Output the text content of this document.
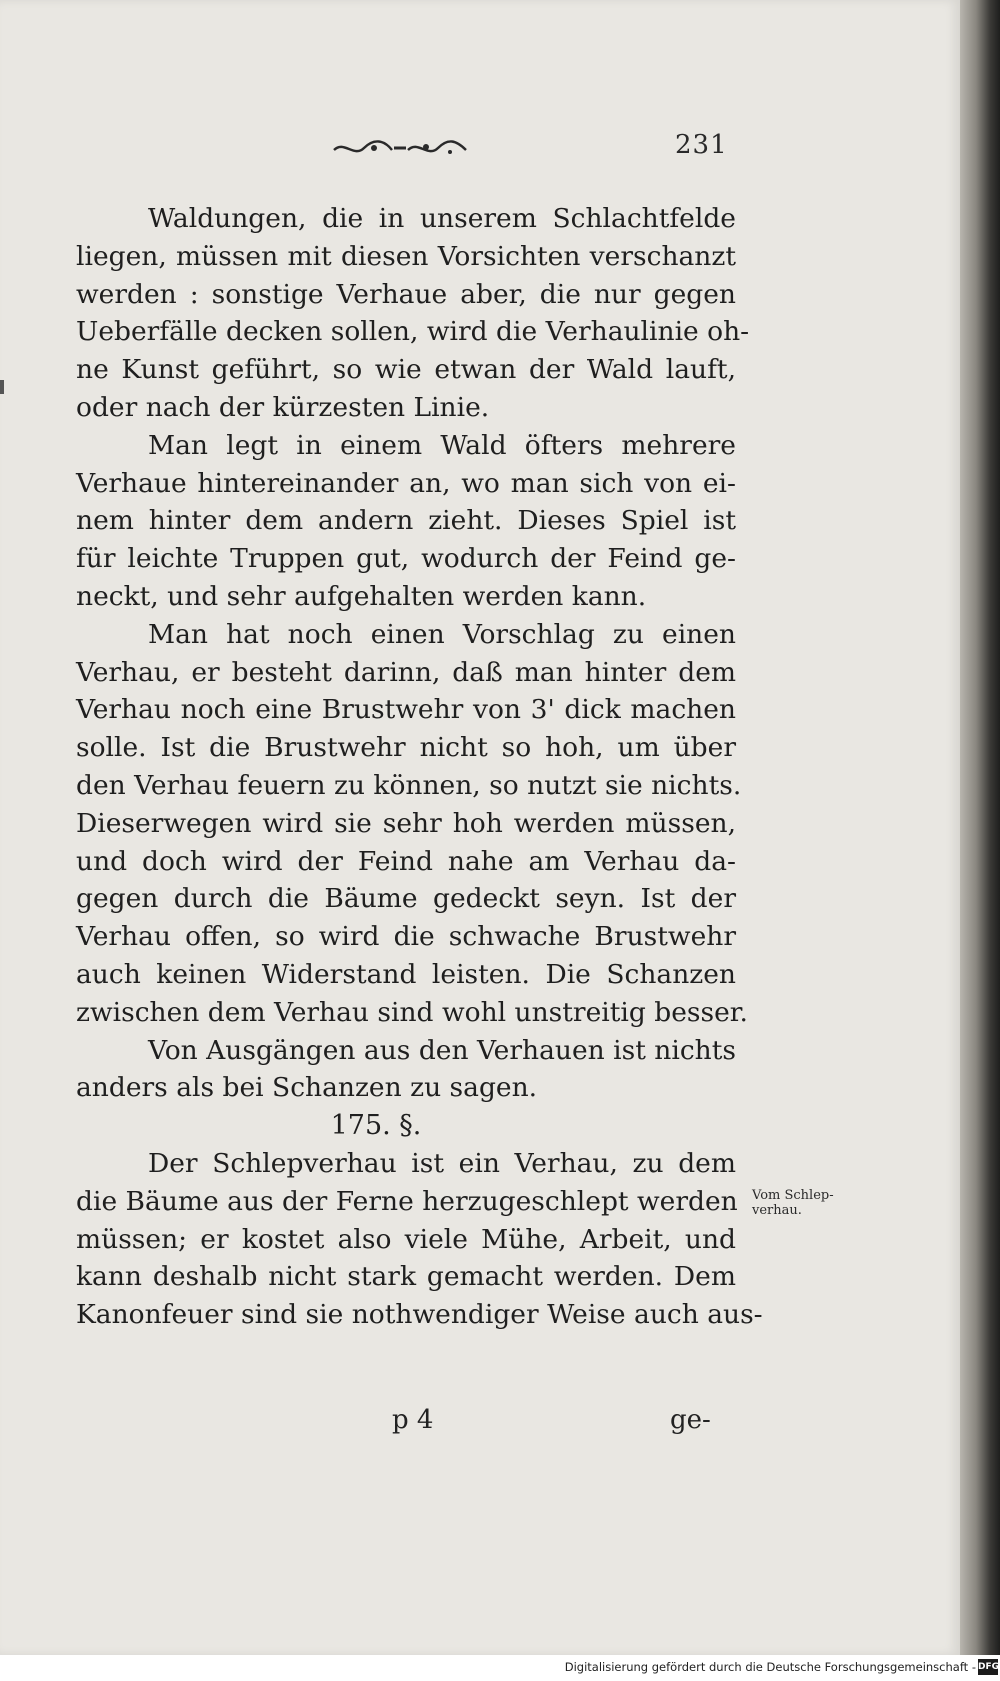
231
Waldungen, die in unserem Schlachtfelde
liegen, müssen mit diesen Vorsichten verschanzt
werden : sonstige Verhaue aber, die nur gegen
Ueberfälle decken sollen, wird die Verhaulinie oh-
ne Kunst geführt, so wie etwan der Wald lauft,
oder nach der kürzesten Linie.
Man legt in einem Wald öfters mehrere
Verhaue hintereinander an, wo man sich von ei-
nem hinter dem andern zieht. Dieses Spiel ist
für leichte Truppen gut, wodurch der Feind ge-
neckt, und sehr aufgehalten werden kann.
Man hat noch einen Vorschlag zu einen
Verhau, er besteht darinn, daß man hinter dem
Verhau noch eine Brustwehr von 3' dick machen
solle. Ist die Brustwehr nicht so hoh, um über
den Verhau feuern zu können, so nutzt sie nichts.
Dieserwegen wird sie sehr hoh werden müssen,
und doch wird der Feind nahe am Verhau da-
gegen durch die Bäume gedeckt seyn. Ist der
Verhau offen, so wird die schwache Brustwehr
auch keinen Widerstand leisten. Die Schanzen
zwischen dem Verhau sind wohl unstreitig besser.
Von Ausgängen aus den Verhauen ist nichts
anders als bei Schanzen zu sagen.
175. §.
Der Schlepverhau ist ein Verhau, zu dem
die Bäume aus der Ferne herzugeschlept werden
müssen; er kostet also viele Mühe, Arbeit, und
kann deshalb nicht stark gemacht werden. Dem
Kanonfeuer sind sie nothwendiger Weise auch aus-
Vom Schlep-
verhau.
p 4	ge-
Digitalisierung gefördert durch die Deutsche Forschungsgemeinschaft - DFG
